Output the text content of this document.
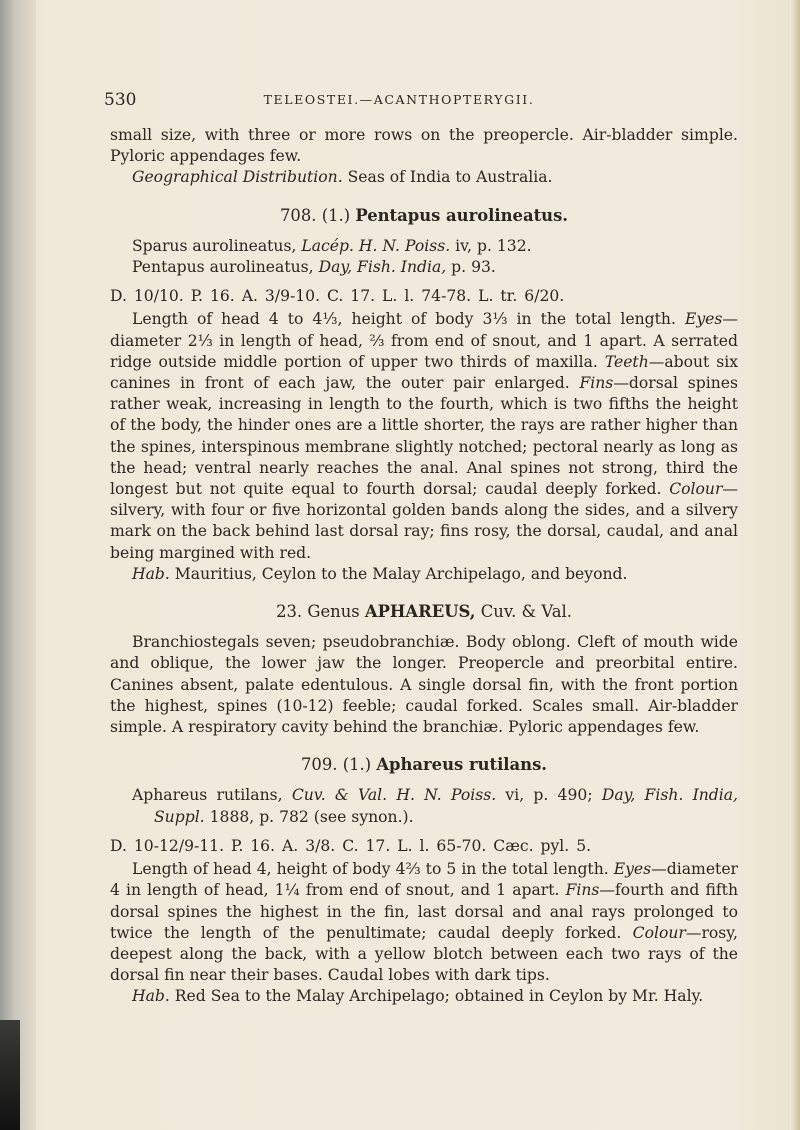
530	TELEOSTEI.—ACANTHOPTERYGII.

small size, with three or more rows on the preopercle. Air-bladder simple. Pyloric appendages few.

Geographical Distribution. Seas of India to Australia.

708. (1.) Pentapus aurolineatus.

Sparus aurolineatus, Lacép. H. N. Poiss. iv, p. 132.

Pentapus aurolineatus, Day, Fish. India, p. 93.

D. 10/10. P. 16. A. 3/9-10. C. 17. L. l. 74-78. L. tr. 6/20.

Length of head 4 to 4⅓, height of body 3⅓ in the total length. Eyes—diameter 2⅓ in length of head, ⅔ from end of snout, and 1 apart. A serrated ridge outside middle portion of upper two thirds of maxilla. Teeth—about six canines in front of each jaw, the outer pair enlarged. Fins—dorsal spines rather weak, increasing in length to the fourth, which is two fifths the height of the body, the hinder ones are a little shorter, the rays are rather higher than the spines, interspinous membrane slightly notched; pectoral nearly as long as the head; ventral nearly reaches the anal. Anal spines not strong, third the longest but not quite equal to fourth dorsal; caudal deeply forked. Colour—silvery, with four or five horizontal golden bands along the sides, and a silvery mark on the back behind last dorsal ray; fins rosy, the dorsal, caudal, and anal being margined with red.

Hab. Mauritius, Ceylon to the Malay Archipelago, and beyond.

23. Genus APHAREUS, Cuv. & Val.

Branchiostegals seven; pseudobranchiæ. Body oblong. Cleft of mouth wide and oblique, the lower jaw the longer. Preopercle and preorbital entire. Canines absent, palate edentulous. A single dorsal fin, with the front portion the highest, spines (10-12) feeble; caudal forked. Scales small. Air-bladder simple. A respiratory cavity behind the branchiæ. Pyloric appendages few.

709. (1.) Aphareus rutilans.

Aphareus rutilans, Cuv. & Val. H. N. Poiss. vi, p. 490; Day, Fish. India, Suppl. 1888, p. 782 (see synon.).

D. 10-12/9-11. P. 16. A. 3/8. C. 17. L. l. 65-70. Cæc. pyl. 5.

Length of head 4, height of body 4⅔ to 5 in the total length. Eyes—diameter 4 in length of head, 1¼ from end of snout, and 1 apart. Fins—fourth and fifth dorsal spines the highest in the fin, last dorsal and anal rays prolonged to twice the length of the penultimate; caudal deeply forked. Colour—rosy, deepest along the back, with a yellow blotch between each two rays of the dorsal fin near their bases. Caudal lobes with dark tips.

Hab. Red Sea to the Malay Archipelago; obtained in Ceylon by Mr. Haly.
